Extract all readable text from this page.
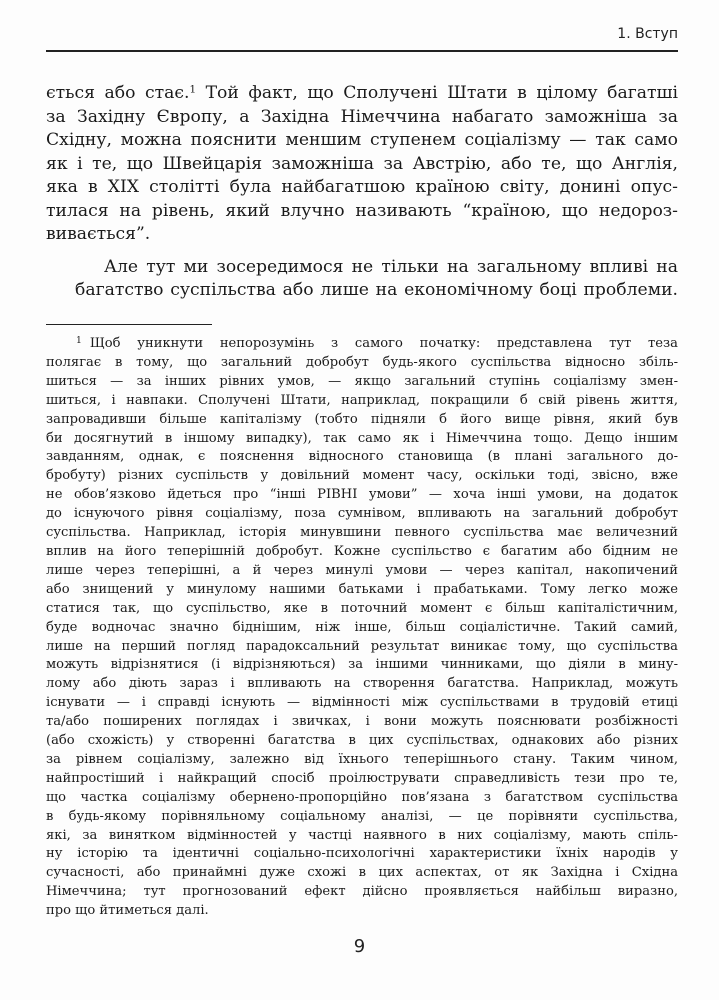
1. Вступ

ється або стає.$^1$ Той факт, що Сполучені Штати в цілому багатші
за Західну Європу, а Західна Німеччина набагато заможніша за
Східну, можна пояснити меншим ступенем соціалізму — так само
як і те, що Швейцарія заможніша за Австрію, або те, що Англія,
яка в XIX столітті була найбагатшою країною світу, донині опус-
тилася на рівень, який влучно називають “країною, що недороз-
вивається”.

Але тут ми зосередимося не тільки на загальному впливі на
багатство суспільства або лише на економічному боці проблеми.

$^1$ Щоб уникнути непорозумінь з самого початку: представлена тут теза
полягає в тому, що загальний добробут будь-якого суспільства відносно збіль-
шиться — за інших рівних умов, — якщо загальний ступінь соціалізму змен-
шиться, і навпаки. Сполучені Штати, наприклад, покращили б свій рівень життя,
запровадивши більше капіталізму (тобто підняли б його вище рівня, який був
би досягнутий в іншому випадку), так само як і Німеччина тощо. Дещо іншим
завданням, однак, є пояснення відносного становища (в плані загального до-
бробуту) різних суспільств у довільний момент часу, оскільки тоді, звісно, вже
не обов’язково йдеться про “інші РІВНІ умови” — хоча інші умови, на додаток
до існуючого рівня соціалізму, поза сумнівом, впливають на загальний добробут
суспільства. Наприклад, історія минувшини певного суспільства має величезний
вплив на його теперішній добробут. Кожне суспільство є багатим або бідним не
лише через теперішні, а й через минулі умови — через капітал, накопичений
або знищений у минулому нашими батьками і прабатьками. Тому легко може
статися так, що суспільство, яке в поточний момент є більш капіталістичним,
буде водночас значно біднішим, ніж інше, більш соціалістичне. Такий самий,
лише на перший погляд парадоксальний результат виникає тому, що суспільства
можуть відрізнятися (і відрізняються) за іншими чинниками, що діяли в мину-
лому або діють зараз і впливають на створення багатства. Наприклад, можуть
існувати — і справді існують — відмінності між суспільствами в трудовій етиці
та/або поширених поглядах і звичках, і вони можуть пояснювати розбіжності
(або схожість) у створенні багатства в цих суспільствах, однакових або різних
за рівнем соціалізму, залежно від їхнього теперішнього стану. Таким чином,
найпростіший і найкращий спосіб проілюструвати справедливість тези про те,
що частка соціалізму обернено-пропорційно пов’язана з багатством суспільства
в будь-якому порівняльному соціальному аналізі, — це порівняти суспільства,
які, за винятком відмінностей у частці наявного в них соціалізму, мають спіль-
ну історію та ідентичні соціально-психологічні характеристики їхніх народів у
сучасності, або принаймні дуже схожі в цих аспектах, от як Західна і Східна
Німеччина; тут прогнозований ефект дійсно проявляється найбільш виразно,
про що йтиметься далі.
9
